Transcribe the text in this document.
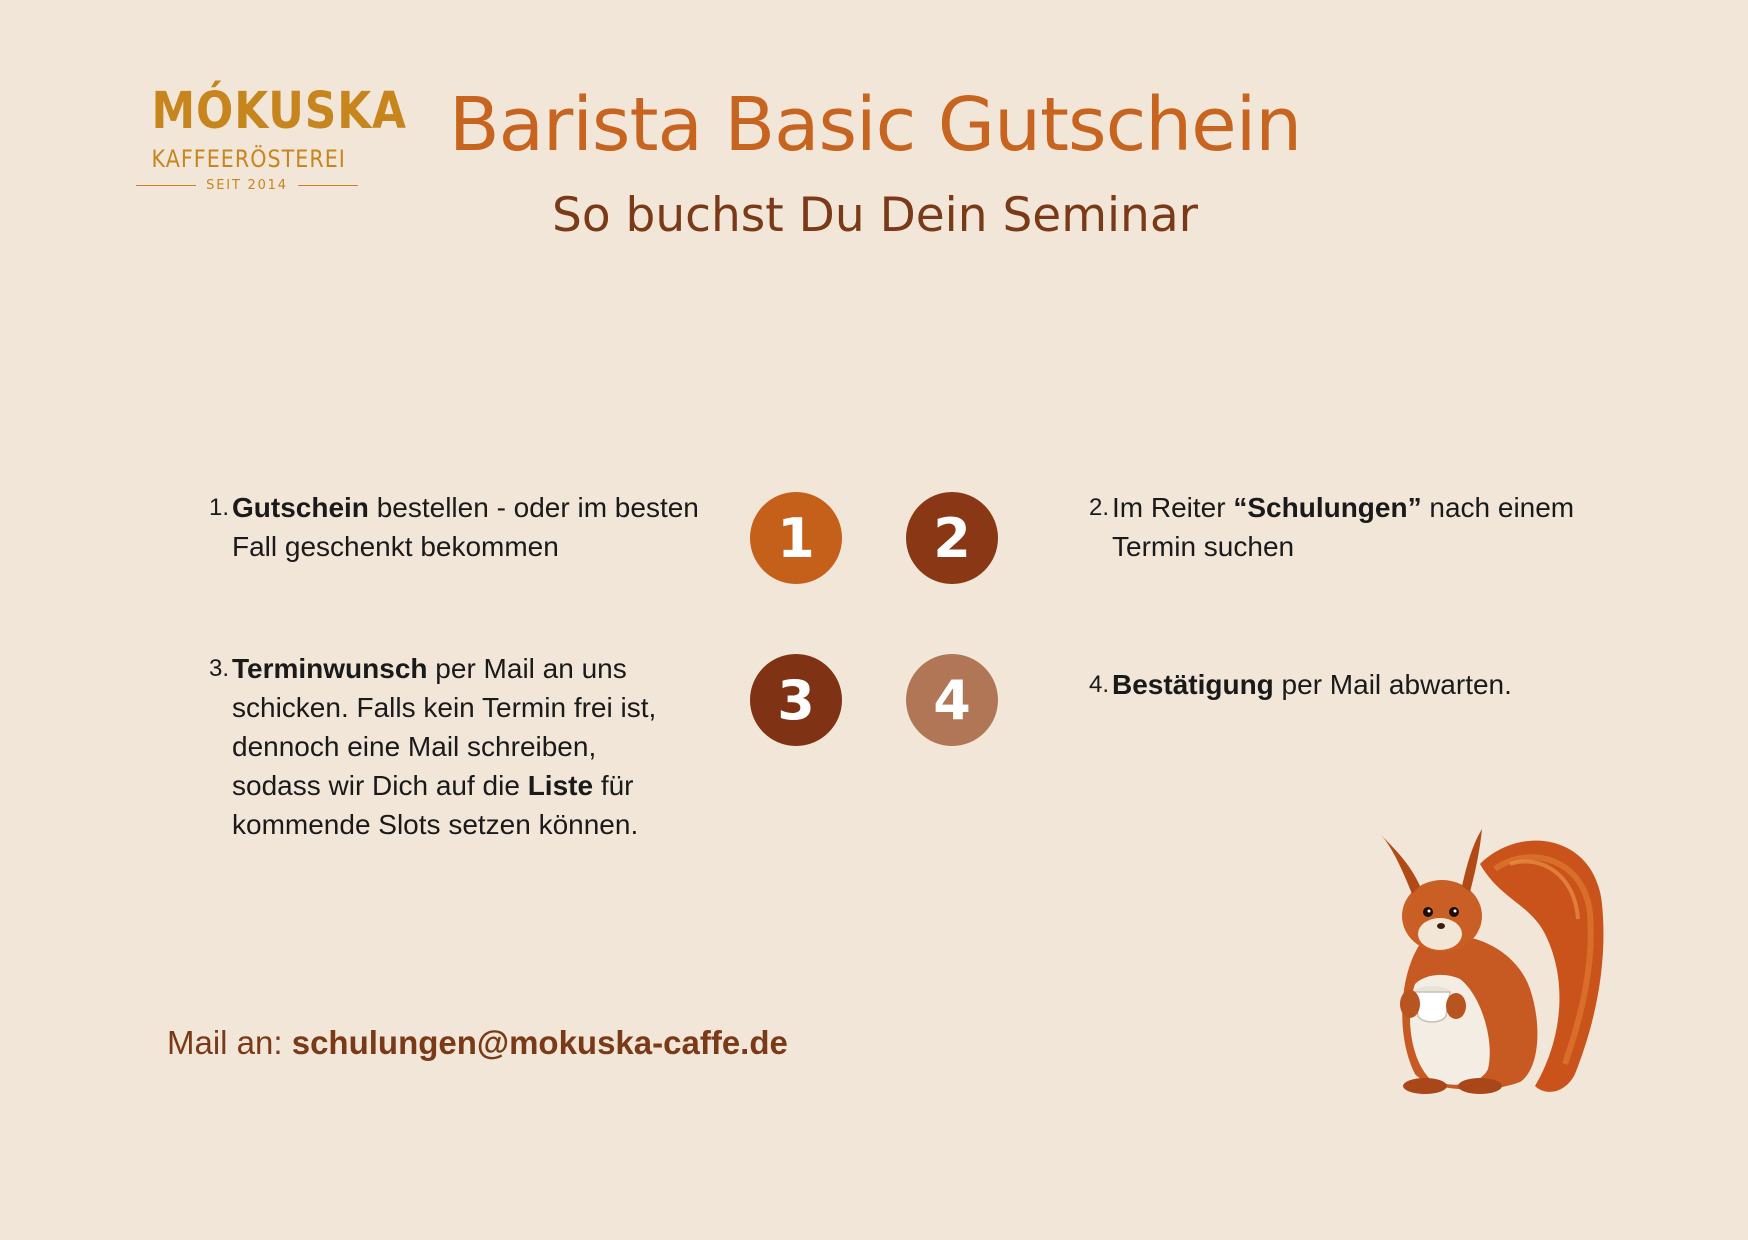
MÓKUSKA
KAFFEERÖSTEREI
SEIT 2014
Barista Basic Gutschein
So buchst Du Dein Seminar
1. Gutschein bestellen - oder im besten Fall geschenkt bekommen
2. Im Reiter “Schulungen” nach einem Termin suchen
3. Terminwunsch per Mail an uns schicken. Falls kein Termin frei ist, dennoch eine Mail schreiben, sodass wir Dich auf die Liste für kommende Slots setzen können.
4. Bestätigung per Mail abwarten.
1	2
3	4
Mail an: schulungen@mokuska-caffe.de
